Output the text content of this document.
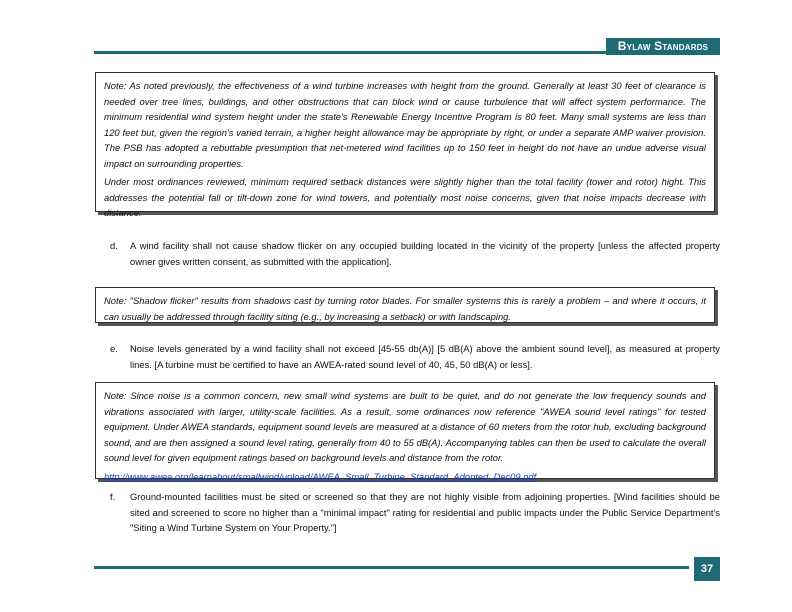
Bylaw Standards

Note: As noted previously, the effectiveness of a wind turbine increases with height from the ground. Generally at least 30 feet of clearance is needed over tree lines, buildings, and other obstructions that can block wind or cause turbulence that will affect system performance. The minimum residential wind system height under the state's Renewable Energy Incentive Program is 80 feet. Many small systems are less than 120 feet but, given the region's varied terrain, a higher height allowance may be appropriate by right, or under a separate AMP waiver provision. The PSB has adopted a rebuttable presumption that net-metered wind facilities up to 150 feet in height do not have an undue adverse visual impact on surrounding properties.

Under most ordinances reviewed, minimum required setback distances were slightly higher than the total facility (tower and rotor) hight. This addresses the potential fall or tilt-down zone for wind towers, and potentially most noise concerns, given that noise impacts decrease with distance.

d. A wind facility shall not cause shadow flicker on any occupied building located in the vicinity of the property [unless the affected property owner gives written consent, as submitted with the application].

Note: "Shadow flicker" results from shadows cast by turning rotor blades. For smaller systems this is rarely a problem – and where it occurs, it can usually be addressed through facility siting (e.g., by increasing a setback) or with landscaping.

e. Noise levels generated by a wind facility shall not exceed [45-55 db(A)] [5 dB(A) above the ambient sound level], as measured at property lines. [A turbine must be certified to have an AWEA-rated sound level of 40, 45, 50 dB(A) or less].

Note: Since noise is a common concern, new small wind systems are built to be quiet, and do not generate the low frequency sounds and vibrations associated with larger, utility-scale facilities. As a result, some ordinances now reference "AWEA sound level ratings" for tested equipment. Under AWEA standards, equipment sound levels are measured at a distance of 60 meters from the rotor hub, excluding background sound, and are then assigned a sound level rating, generally from 40 to 55 dB(A). Accompanying tables can then be used to calculate the overall sound level for given equipment ratings based on background levels and distance from the rotor.

http://www.awea.org/learnabout/smallwind/upload/AWEA_Small_Turbine_Standard_Adopted_Dec09.pdf

f. Ground-mounted facilities must be sited or screened so that they are not highly visible from adjoining properties. [Wind facilities should be sited and screened to score no higher than a "minimal impact" rating for residential and public impacts under the Public Service Department's "Siting a Wind Turbine System on Your Property."]
37
